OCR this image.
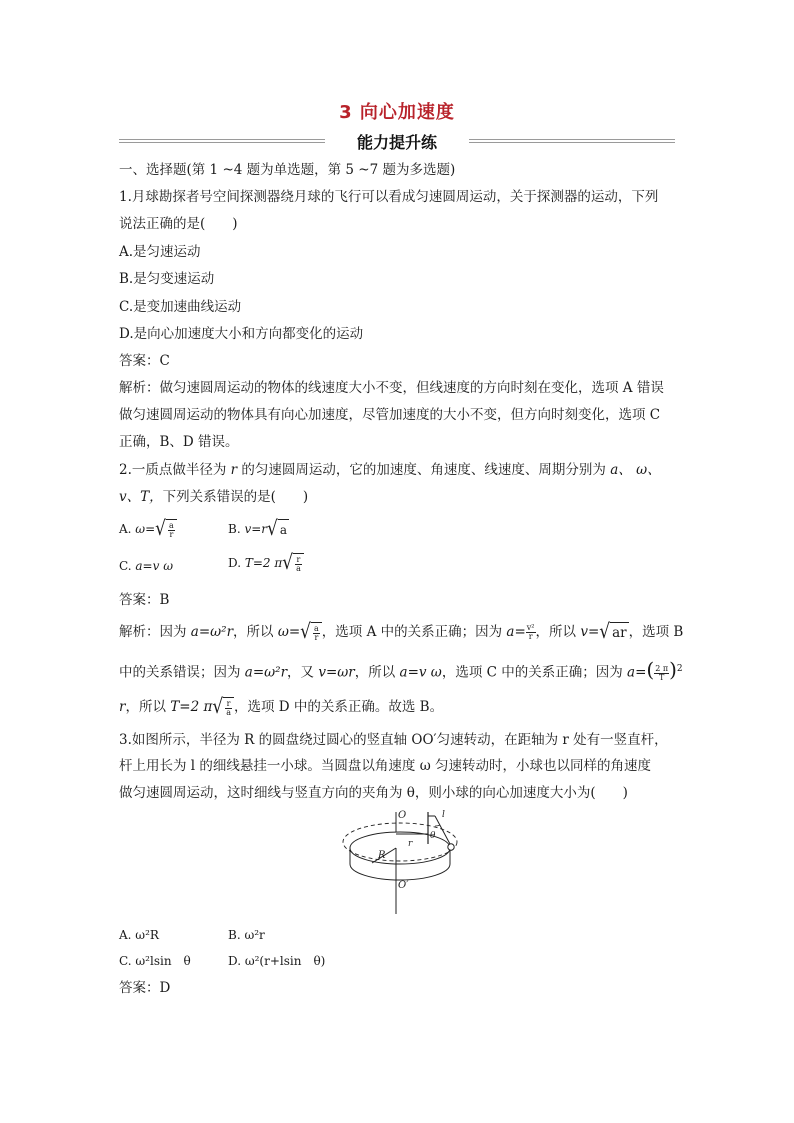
3 向心加速度
能力提升练
一、选择题(第 1 ~4 题为单选题，第 5 ~7 题为多选题)
1.月球勘探者号空间探测器绕月球的飞行可以看成匀速圆周运动，关于探测器的运动，下列
说法正确的是(　　)
A.是匀速运动
B.是匀变速运动
C.是变加速曲线运动
D.是向心加速度大小和方向都变化的运动
答案：C
解析：做匀速圆周运动的物体的线速度大小不变，但线速度的方向时刻在变化，选项 A 错误
做匀速圆周运动的物体具有向心加速度，尽管加速度的大小不变，但方向时刻变化，选项 C
正确，B、D 错误。
2.一质点做半径为 r 的匀速圆周运动，它的加速度、角速度、线速度、周期分别为 a、 ω、
v、T，下列关系错误的是(　　)
A. $\omega=√ \frac{a}{r}$	B. v=r√ a
C. a=v ω	D. T=2 $\pi√ \frac{r}{a}$
答案：B
解析：因为 a=ω²r，所以 $\omega=√ \frac{a}{r}$ ，选项 A 中的关系正确；因为 $a= \frac{\text{v²}}{r}$ ，所以 v=√ ar ，选项 B
中的关系错误；因为 a=ω²r，又 v=ωr，所以 a=v ω，选项 C 中的关系正确；因为 $a=( \frac{2 \pi}{T} )^2$
r，所以 T=2 $\pi√ \frac{r}{a}$ ，选项 D 中的关系正确。故选 B。
3.如图所示，半径为 R 的圆盘绕过圆心的竖直轴 OO′匀速转动，在距轴为 r 处有一竖直杆，
杆上用长为 l 的细线悬挂一小球。当圆盘以角速度 ω 匀速转动时，小球也以同样的角速度
做匀速圆周运动，这时细线与竖直方向的夹角为 θ，则小球的向心加速度大小为(　　)
O
O′
R
r
l
θ
A. ω²R	B. ω²r
C. ω²lsin　θ	D. ω²(r+lsin　θ)
答案：D
